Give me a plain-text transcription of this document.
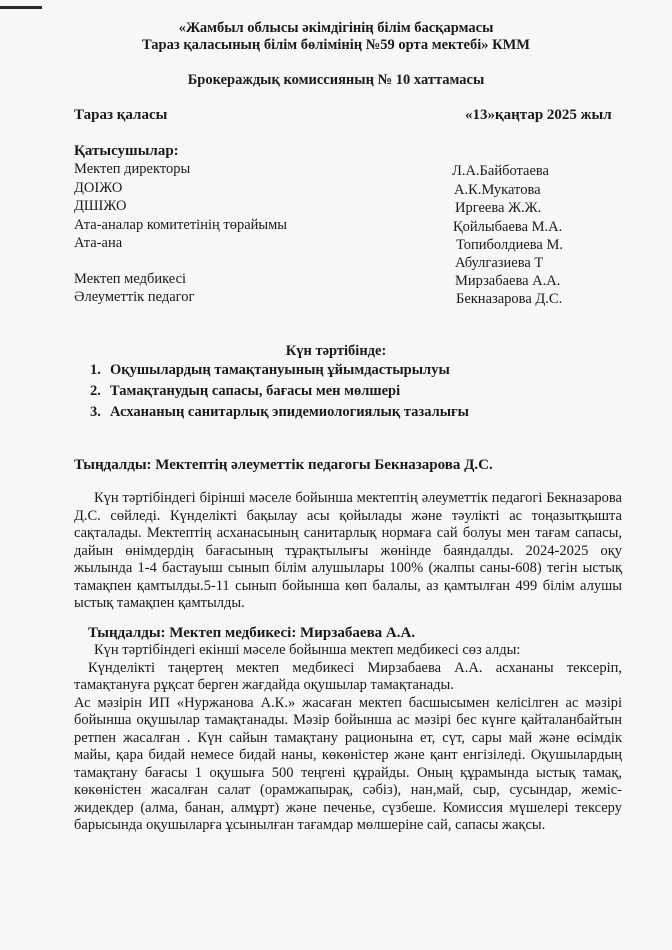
«Жамбыл облысы әкімдігінің білім басқармасы
Тараз қаласының білім бөлімінің №59 орта мектебі» КММ
Брокераждық комиссияның № 10 хаттамасы
Тараз қаласы	«13»қаңтар 2025 жыл
Қатысушылар:
Мектеп директоры
ДОІЖО
ДШІЖО
Ата-аналар комитетінің төрайымы
Ата-ана
Мектеп медбикесі
Әлеуметтік педагог
Л.А.Байботаева
А.К.Мукатова
Иргеева Ж.Ж.
Қойлыбаева М.А.
Топиболдиева М.
Абулгазиева Т
Мирзабаева А.А.
Бекназарова Д.С.
Күн тәртібінде:
1. Оқушылардың тамақтануының ұйымдастырылуы
2. Тамақтанудың сапасы, бағасы мен мөлшері
3. Асхананың санитарлық эпидемиологиялық тазалығы
Тыңдалды: Мектептің әлеуметтік педагогы Бекназарова Д.С.

Күн тәртібіндегі бірінші мәселе бойынша мектептің әлеуметтік педагогі Бекназарова Д.С. сөйледі. Күнделікті бақылау асы қойылады және тәулікті ас тоңазытқышта сақталады. Мектептің асханасының санитарлық нормаға сай болуы мен тағам сапасы, дайын өнімдердің бағасының тұрақтылығы жөнінде баяндалды. 2024-2025 оқу жылында 1-4 бастауыш сынып білім алушылары 100% (жалпы саны-608) тегін ыстық тамақпен қамтылды.5-11 сынып бойынша көп балалы, аз қамтылған 499 білім алушы ыстық тамақпен қамтылды.

Тыңдалды: Мектеп медбикесі: Мирзабаева А.А.

Күн тәртібіндегі екінші мәселе бойынша мектеп медбикесі сөз алды:

Күнделікті таңертең мектеп медбикесі Мирзабаева А.А. асхананы тексеріп, тамақтануға рұқсат берген жағдайда оқушылар тамақтанады.

Ас мәзірін ИП «Нуржанова А.К.» жасаған мектеп басшысымен келісілген ас мәзірі бойынша оқушылар тамақтанады. Мәзір бойынша ас мәзірі бес күнге қайталанбайтын ретпен жасалған . Күн сайын тамақтану рационына ет, сүт, сары май және өсімдік майы, қара бидай немесе бидай наны, көкөністер және қант енгізіледі. Оқушылардың тамақтану бағасы 1 оқушыға 500 теңгені құрайды. Оның құрамында ыстық тамақ, көкөністен жасалған салат (орамжапырақ, сәбіз), нан,май, сыр, сусындар, жеміс-жидекдер (алма, банан, алмұрт) және печенье, сүзбеше. Комиссия мүшелері тексеру барысында оқушыларға ұсынылған тағамдар мөлшеріне сай, сапасы жақсы.
